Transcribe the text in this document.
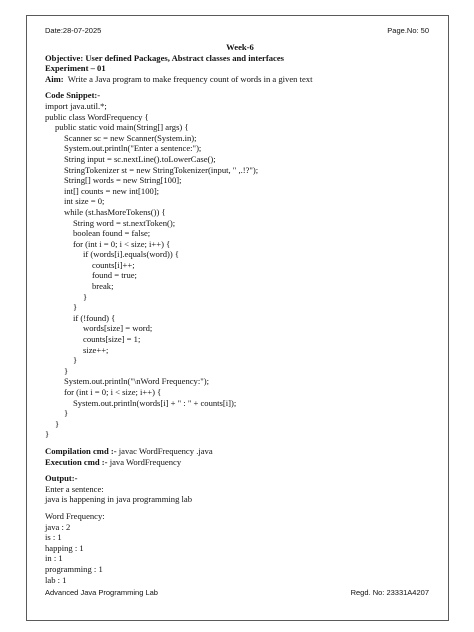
Date:28-07-2025	Page.No: 50
Week-6
Objective: User defined Packages, Abstract classes and interfaces
Experiment – 01
Aim:  Write a Java program to make frequency count of words in a given text
Code Snippet:-
import java.util.*;
public class WordFrequency {
public static void main(String[] args) {
Scanner sc = new Scanner(System.in);
System.out.println("Enter a sentence:");
String input = sc.nextLine().toLowerCase();
StringTokenizer st = new StringTokenizer(input, " ,.!?");
String[] words = new String[100];
int[] counts = new int[100];
int size = 0;
while (st.hasMoreTokens()) {
String word = st.nextToken();
boolean found = false;
for (int i = 0; i < size; i++) {
if (words[i].equals(word)) {
counts[i]++;
found = true;
break;
}
}
if (!found) {
words[size] = word;
counts[size] = 1;
size++;
}
}
System.out.println("\nWord Frequency:");
for (int i = 0; i < size; i++) {
System.out.println(words[i] + " : " + counts[i]);
}
}
}
Compilation cmd :- javac WordFrequency .java
Execution cmd :- java WordFrequency
Output:-
Enter a sentence:
java is happening in java programming lab
Word Frequency:
java : 2
is : 1
happing : 1
in : 1
programming : 1
lab : 1
Advanced Java Programming Lab	Regd. No: 23331A4207
